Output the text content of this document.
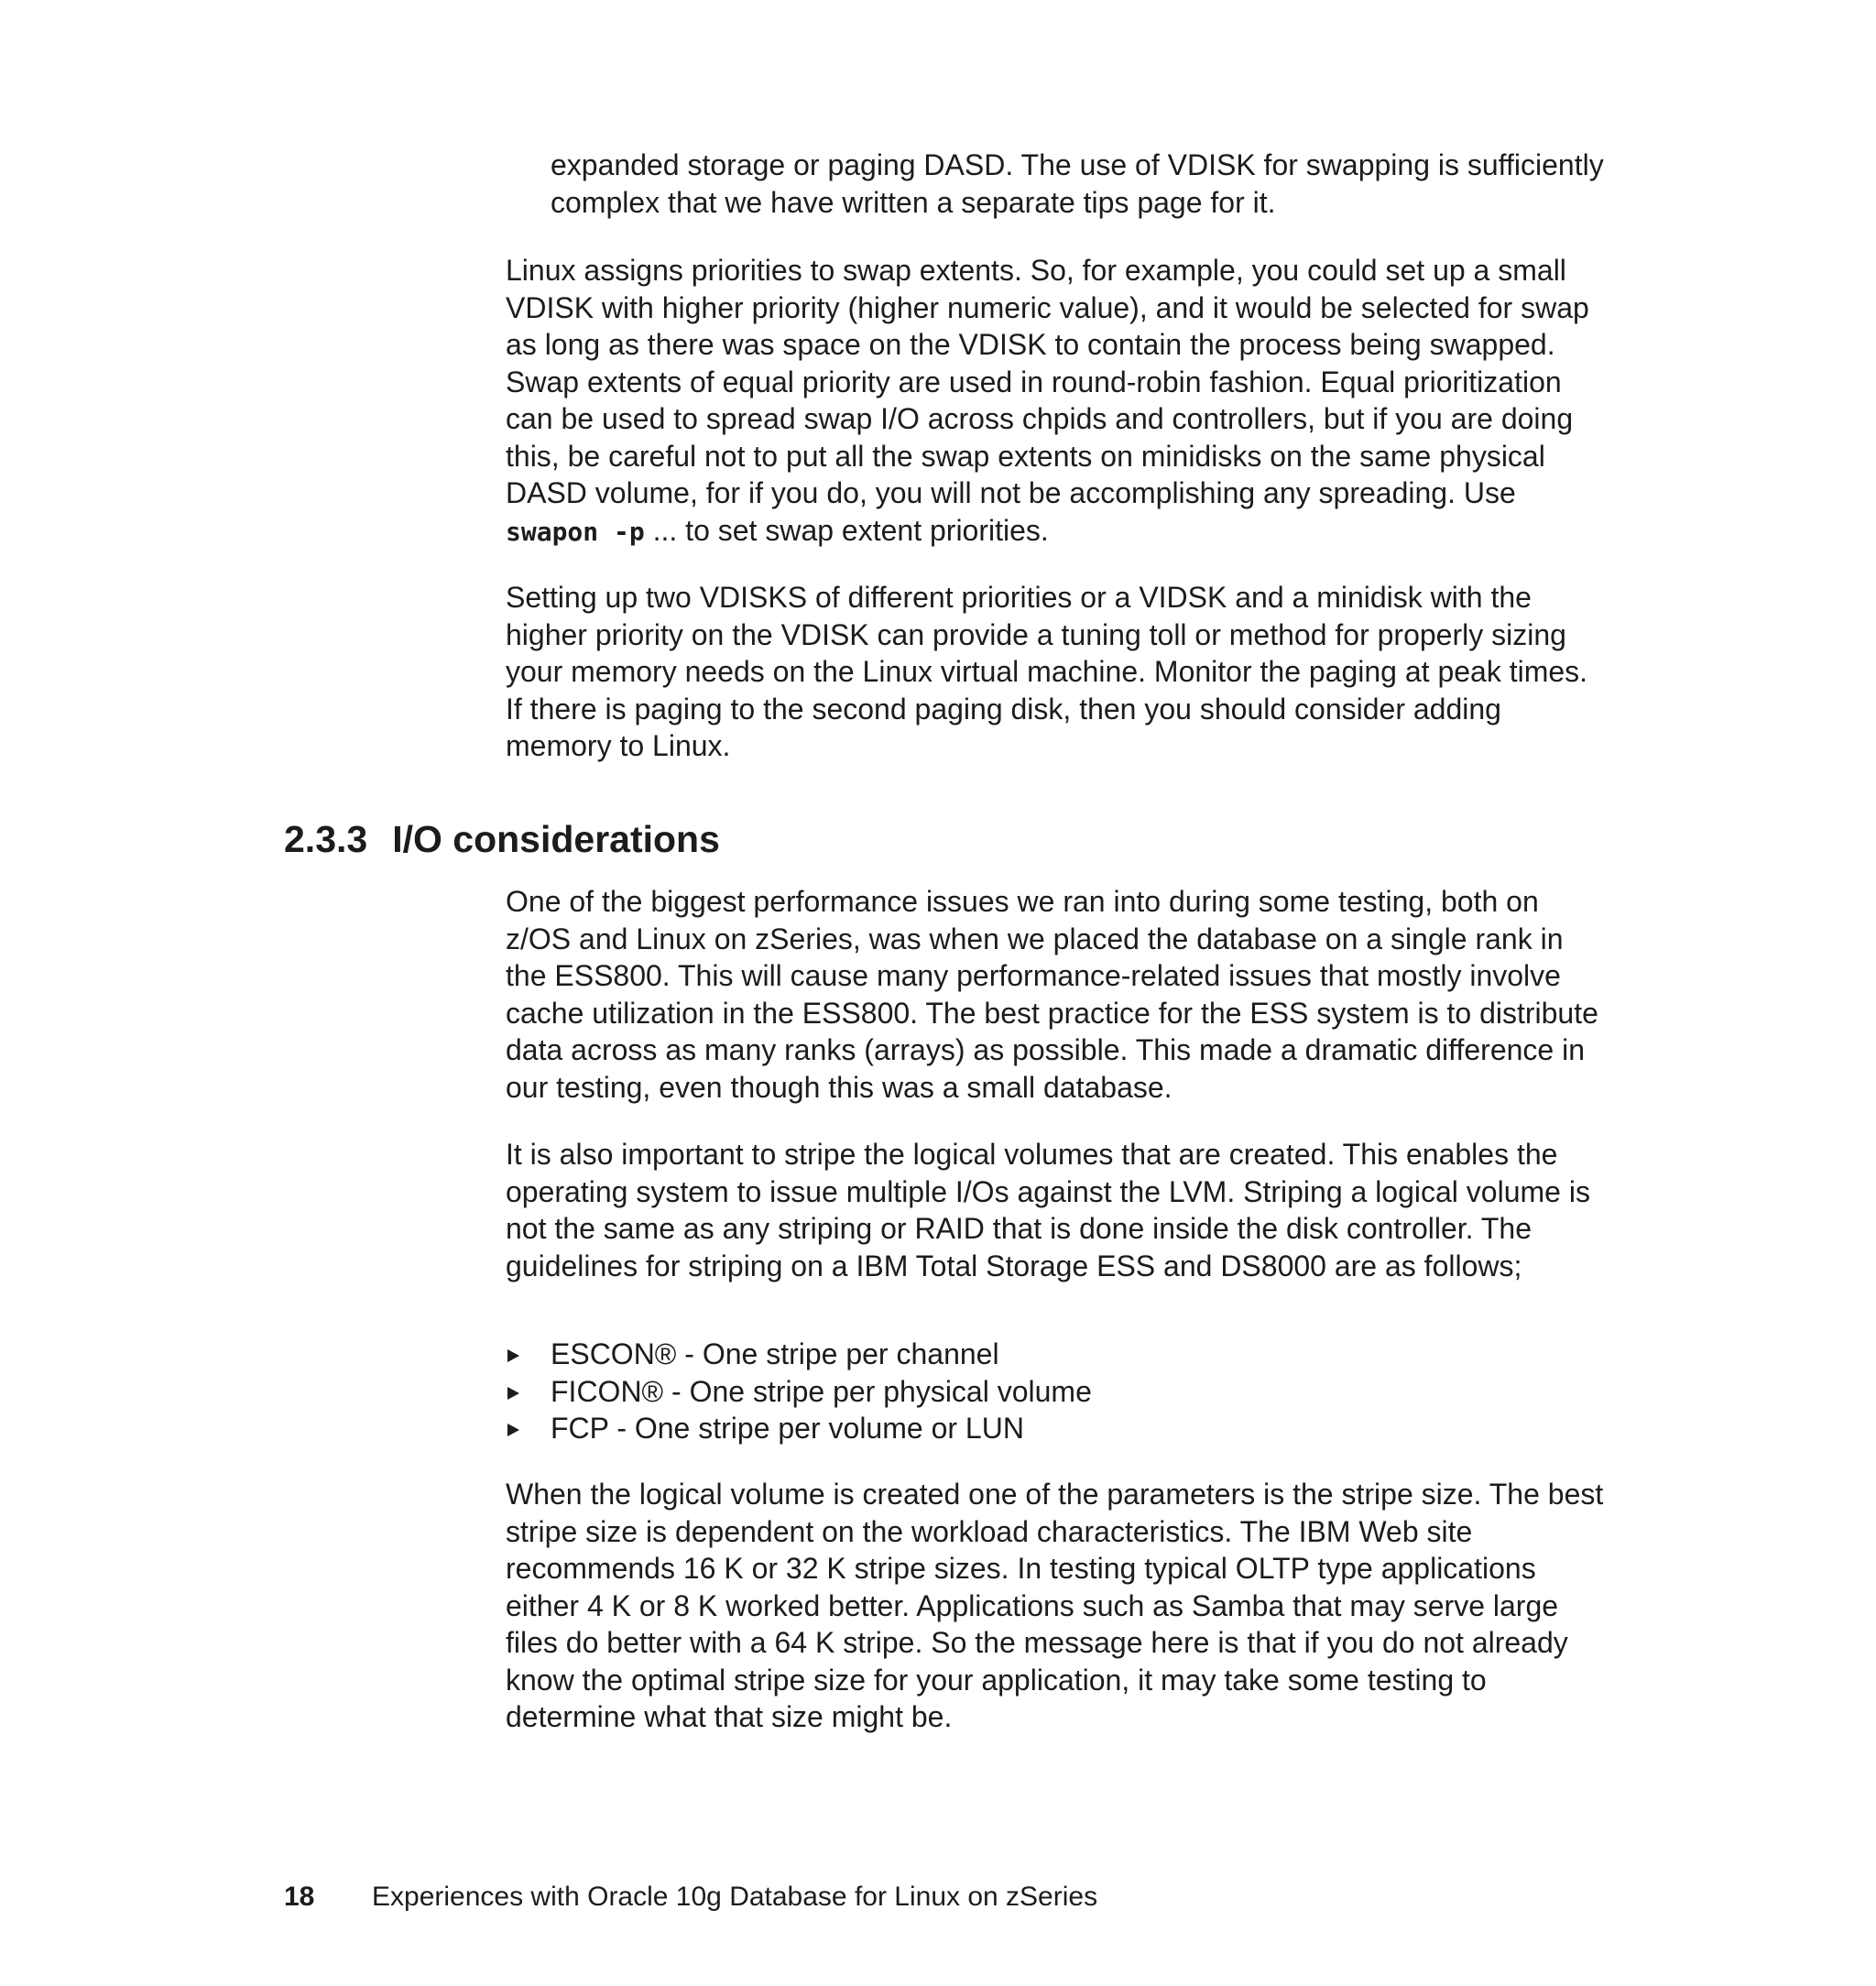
expanded storage or paging DASD. The use of VDISK for swapping is sufficiently complex that we have written a separate tips page for it.

Linux assigns priorities to swap extents. So, for example, you could set up a small VDISK with higher priority (higher numeric value), and it would be selected for swap as long as there was space on the VDISK to contain the process being swapped. Swap extents of equal priority are used in round-robin fashion. Equal prioritization can be used to spread swap I/O across chpids and controllers, but if you are doing this, be careful not to put all the swap extents on minidisks on the same physical DASD volume, for if you do, you will not be accomplishing any spreading. Use swapon -p ... to set swap extent priorities.

Setting up two VDISKS of different priorities or a VIDSK and a minidisk with the higher priority on the VDISK can provide a tuning toll or method for properly sizing your memory needs on the Linux virtual machine. Monitor the paging at peak times. If there is paging to the second paging disk, then you should consider adding memory to Linux.

2.3.3 I/O considerations

One of the biggest performance issues we ran into during some testing, both on z/OS and Linux on zSeries, was when we placed the database on a single rank in the ESS800. This will cause many performance-related issues that mostly involve cache utilization in the ESS800. The best practice for the ESS system is to distribute data across as many ranks (arrays) as possible. This made a dramatic difference in our testing, even though this was a small database.

It is also important to stripe the logical volumes that are created. This enables the operating system to issue multiple I/Os against the LVM. Striping a logical volume is not the same as any striping or RAID that is done inside the disk controller. The guidelines for striping on a IBM Total Storage ESS and DS8000 are as follows;

ESCON® - One stripe per channel
FICON® - One stripe per physical volume
FCP - One stripe per volume or LUN

When the logical volume is created one of the parameters is the stripe size. The best stripe size is dependent on the workload characteristics. The IBM Web site recommends 16 K or 32 K stripe sizes. In testing typical OLTP type applications either 4 K or 8 K worked better. Applications such as Samba that may serve large files do better with a 64 K stripe. So the message here is that if you do not already know the optimal stripe size for your application, it may take some testing to determine what that size might be.

18 Experiences with Oracle 10g Database for Linux on zSeries
